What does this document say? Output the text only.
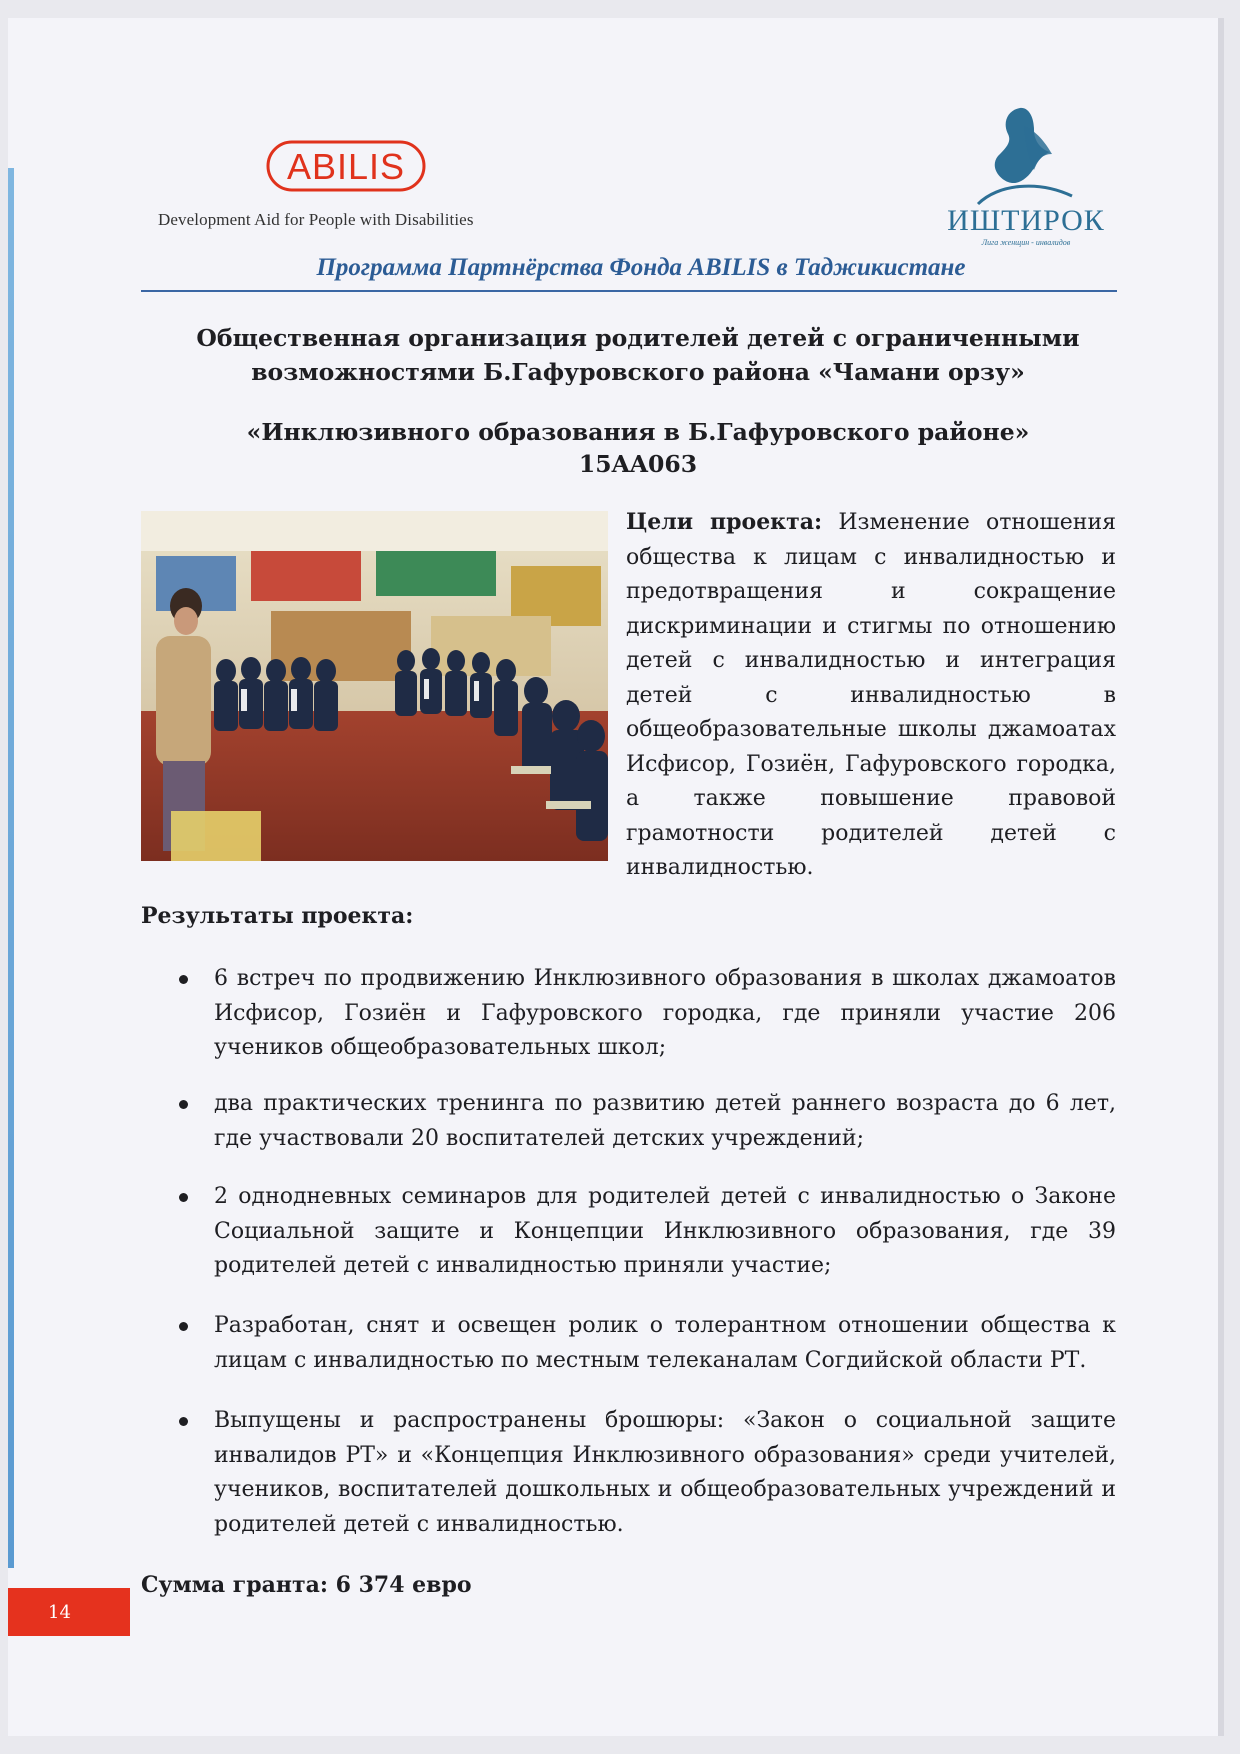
ABILIS
Development Aid for People with Disabilities	ИШТИРОК
Лига женщин - инвалидов
Программа Партнёрства Фонда ABILIS в Таджикистане
Общественная организация родителей детей с ограниченными
возможностями Б.Гафуровского района «Чамани орзу»
«Инклюзивного образования в Б.Гафуровского районе»
15AA063
Цели проекта: Изменение отношения общества к лицам с инвалидностью и предотвращения и сокращение дискриминации и стигмы по отношению детей с инвалидностью и интеграция детей с инвалидностью в общеобразовательные школы джамоатах Исфисор, Гозиён, Гафуровского городка, а также повышение правовой грамотности родителей детей с инвалидностью.
Результаты проекта:
6 встреч по продвижению Инклюзивного образования в школах джамоатов Исфисор, Гозиён и Гафуровского городка, где приняли участие 206 учеников общеобразовательных школ;
два практических тренинга по развитию детей раннего возраста до 6 лет, где участвовали 20 воспитателей детских учреждений;
2 однодневных семинаров для родителей детей с инвалидностью о Законе Социальной защите и Концепции Инклюзивного образования, где 39 родителей детей с инвалидностью приняли участие;
Разработан, снят и освещен ролик о толерантном отношении общества к лицам с инвалидностью по местным телеканалам Согдийской области РТ.
Выпущены и распространены брошюры: «Закон о социальной защите инвалидов РТ» и «Концепция Инклюзивного образования» среди учителей, учеников, воспитателей дошкольных и общеобразовательных учреждений и родителей детей с инвалидностью.
Сумма гранта: 6 374 евро
14
